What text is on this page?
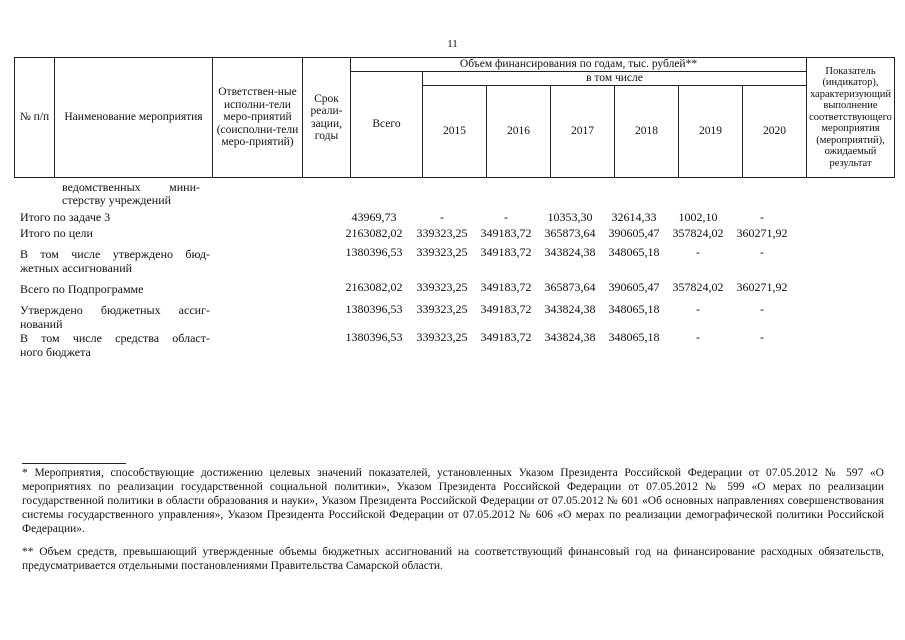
11
№ п/п	Наименование мероприятия	Ответствен-ные исполни-тели меро-приятий (соисполни-тели меро-приятий)	Срок реали-зации, годы	Объем финансирования по годам, тыс. рублей**							Показатель (индикатор), характеризующий выполнение соответствующего мероприятия (мероприятий), ожидаемый результат
				Всего	в том числе						
					2015	2016	2017	2018	2019	2020	
ведомственных мини-
стерству учреждений
Итого по задаче 3	43969,73	-	-	10353,30	32614,33	1002,10	-
Итого по цели	2163082,02	339323,25	349183,72	365873,64	390605,47	357824,02	360271,92
В том числе утверждено бюд-
жетных ассигнований
1380396,53	339323,25	349183,72	343824,38	348065,18	-	-
Всего по Подпрограмме	2163082,02	339323,25	349183,72	365873,64	390605,47	357824,02	360271,92
Утверждено бюджетных ассиг-
нований
1380396,53	339323,25	349183,72	343824,38	348065,18	-	-
В том числе средства област-
ного бюджета
1380396,53	339323,25	349183,72	343824,38	348065,18	-	-
* Мероприятия, способствующие достижению целевых значений показателей, установленных Указом Президента Российской Федерации от 07.05.2012 № 597 «О мероприятиях по реализации государственной социальной политики», Указом Президента Российской Федерации от 07.05.2012 № 599 «О мерах по реализации государственной политики в области образования и науки», Указом Президента Российской Федерации от 07.05.2012 № 601 «Об основных направлениях совершенствования системы государственного управления», Указом Президента Российской Федерации от 07.05.2012 № 606 «О мерах по реализации демографической политики Российской Федерации».
** Объем средств, превышающий утвержденные объемы бюджетных ассигнований на соответствующий финансовый год на финансирование расходных обязательств, предусматривается отдельными постановлениями Правительства Самарской области.
